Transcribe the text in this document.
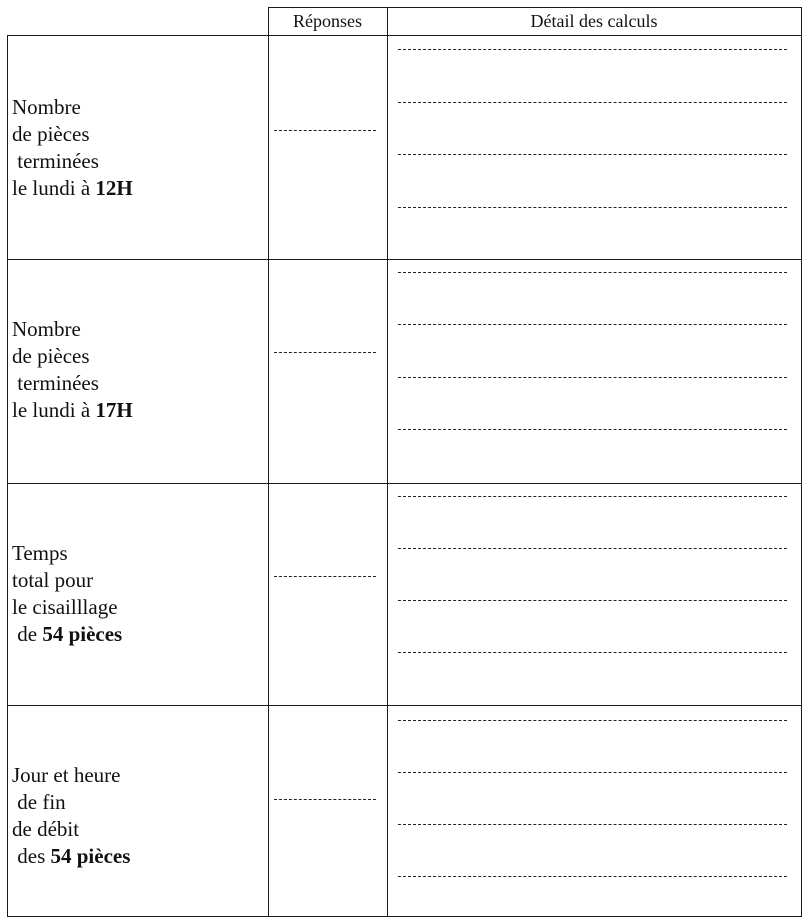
Réponses	Détail des calculs
Nombre
de pièces
terminées
le lundi à 12H
Nombre
de pièces
terminées
le lundi à 17H
Temps
total pour
le cisailllage
de 54 pièces
Jour et heure
de fin
de débit
des 54 pièces
